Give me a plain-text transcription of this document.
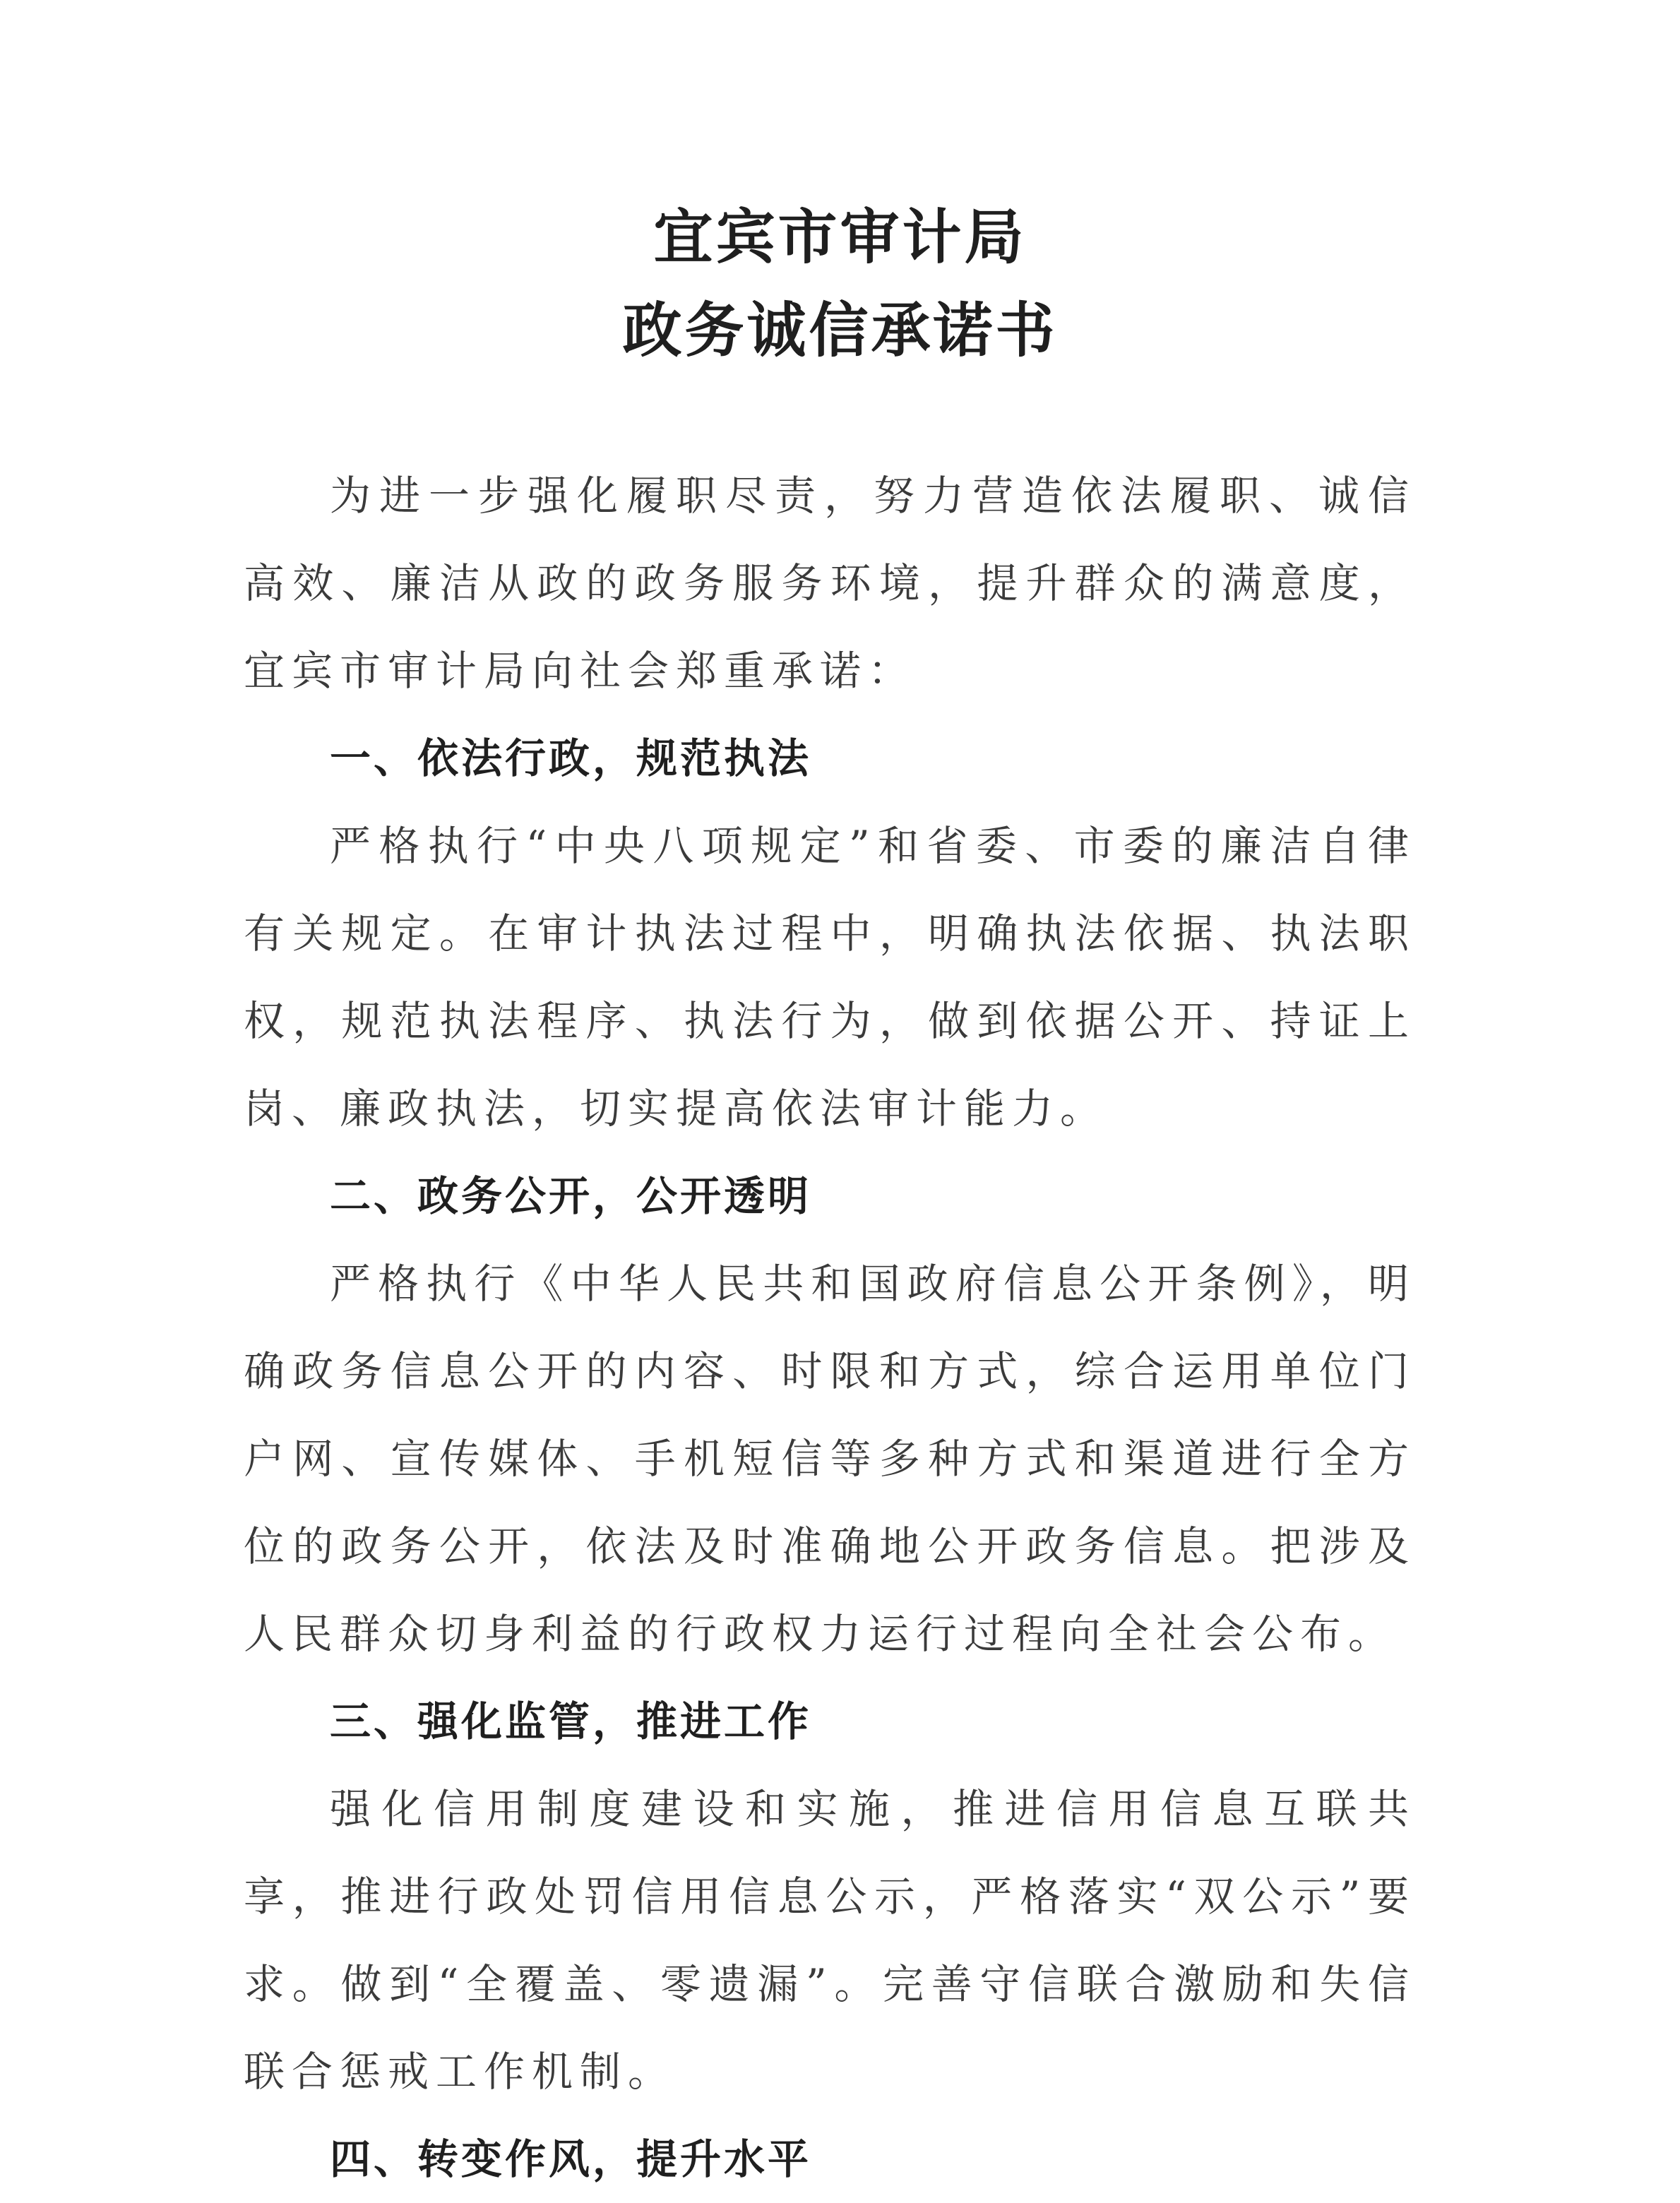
宜宾市审计局
政务诚信承诺书

为进一步强化履职尽责，努力营造依法履职、诚信高效、廉洁从政的政务服务环境，提升群众的满意度，宜宾市审计局向社会郑重承诺：

一、依法行政，规范执法

严格执行“中央八项规定”和省委、市委的廉洁自律有关规定。在审计执法过程中，明确执法依据、执法职权，规范执法程序、执法行为，做到依据公开、持证上岗、廉政执法，切实提高依法审计能力。

二、政务公开，公开透明

严格执行《中华人民共和国政府信息公开条例》，明确政务信息公开的内容、时限和方式，综合运用单位门户网、宣传媒体、手机短信等多种方式和渠道进行全方位的政务公开，依法及时准确地公开政务信息。把涉及人民群众切身利益的行政权力运行过程向全社会公布。

三、强化监管，推进工作

强化信用制度建设和实施，推进信用信息互联共享，推进行政处罚信用信息公示，严格落实“双公示”要求。做到“全覆盖、零遗漏”。完善守信联合激励和失信联合惩戒工作机制。

四、转变作风，提升水平
